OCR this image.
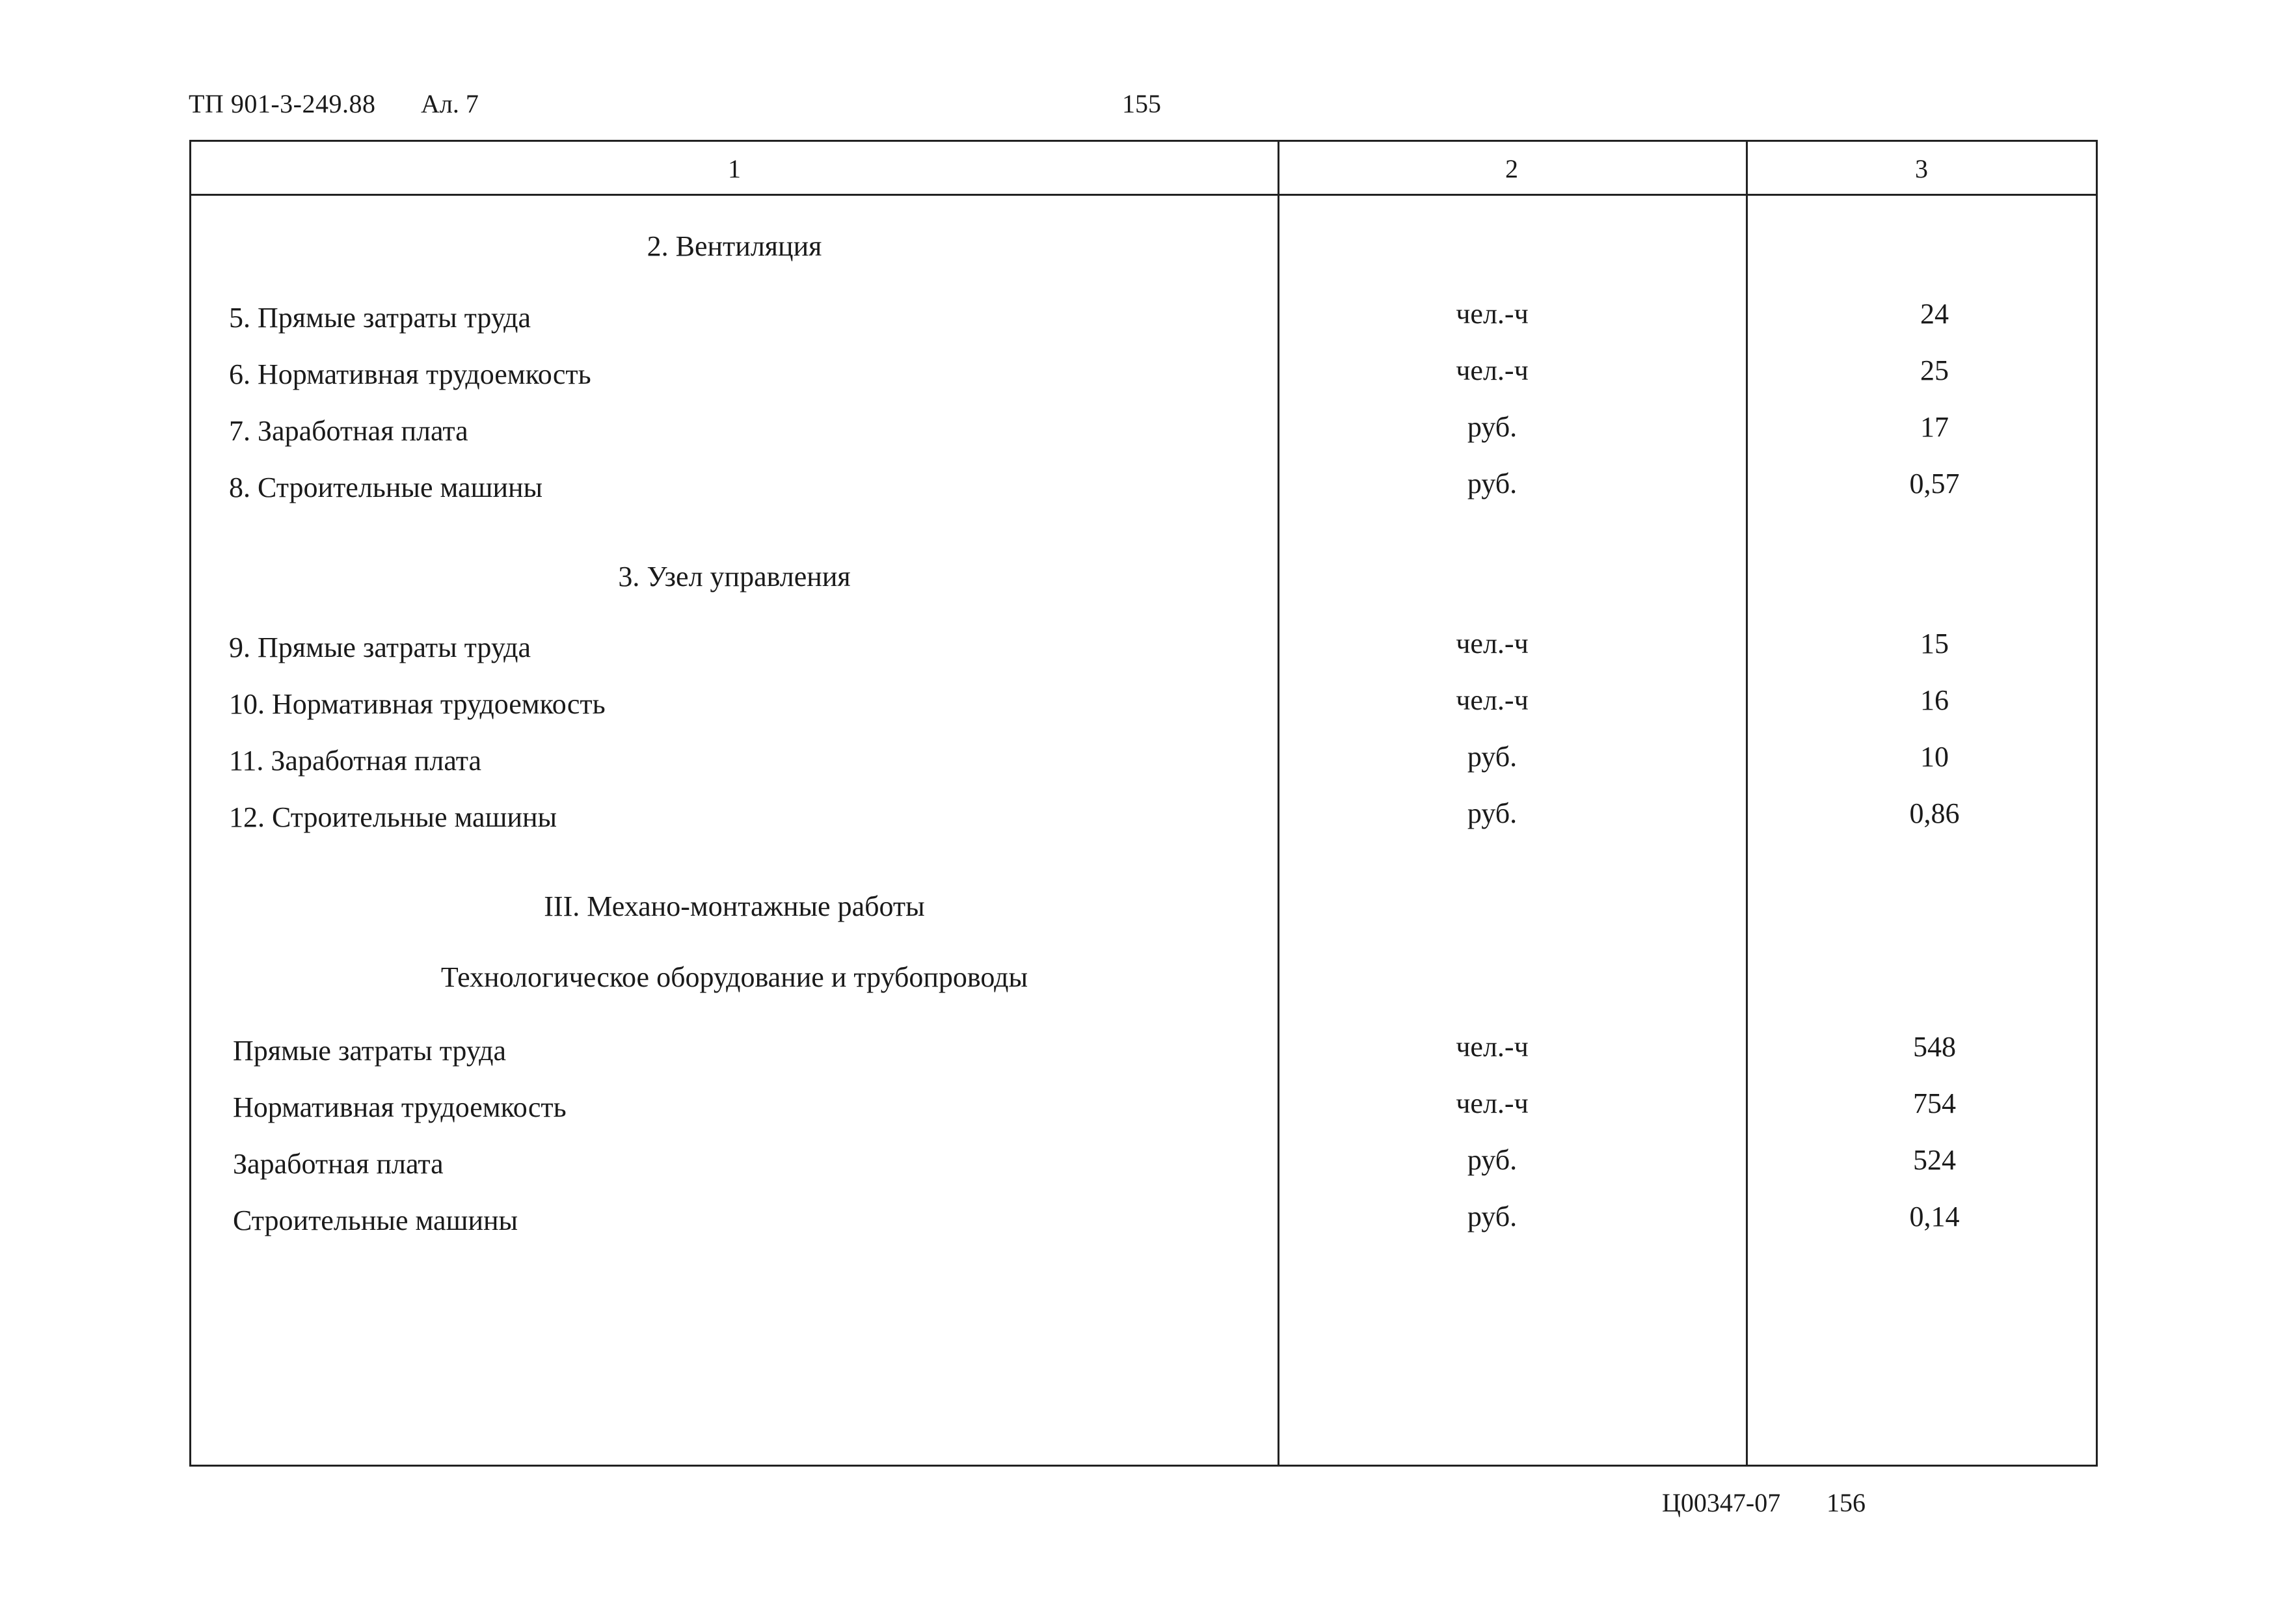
ТП 901-3-249.88 Ал. 7	155
1	2	3
2. Вентиляция
5. Прямые затраты труда	чел.-ч	24
6. Нормативная трудоемкость	чел.-ч	25
7. Заработная плата	руб.	17
8. Строительные машины	руб.	0,57
3. Узел управления
9. Прямые затраты труда	чел.-ч	15
10. Нормативная трудоемкость	чел.-ч	16
11. Заработная плата	руб.	10
12. Строительные машины	руб.	0,86
III. Механо-монтажные работы
Технологическое оборудование и трубопроводы
Прямые затраты труда	чел.-ч	548
Нормативная трудоемкость	чел.-ч	754
Заработная плата	руб.	524
Строительные машины	руб.	0,14
Ц00347-07 156
